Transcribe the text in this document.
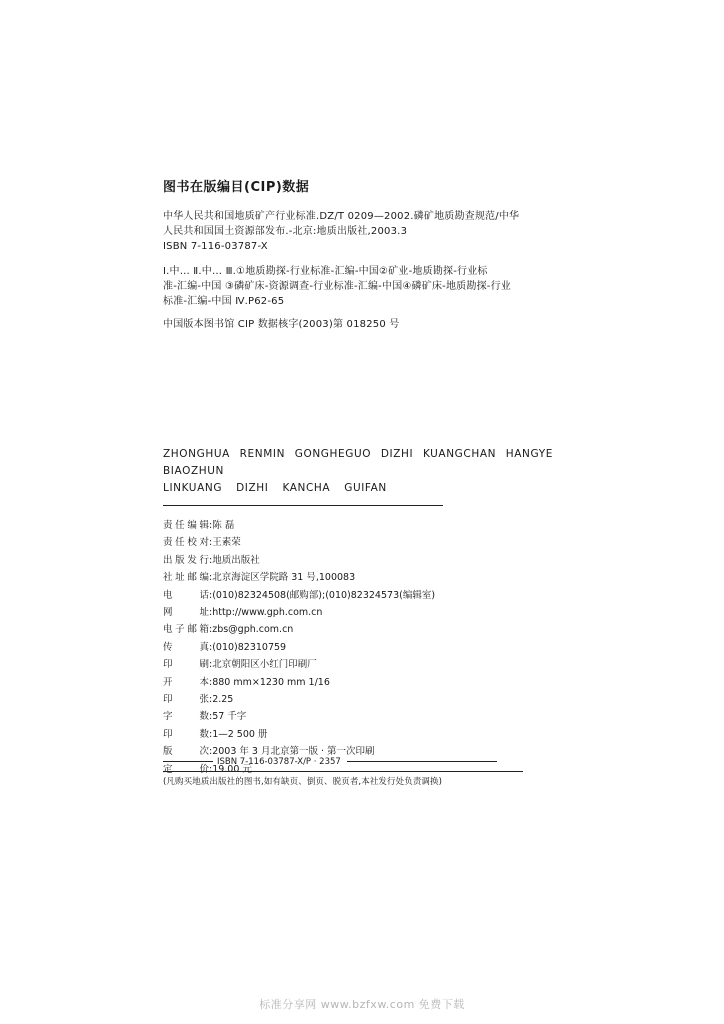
图书在版编目(CIP)数据
中华人民共和国地质矿产行业标准.DZ/T 0209—2002.磷矿地质勘查规范/中华
人民共和国国土资源部发布.-北京:地质出版社,2003.3
ISBN 7-116-03787-X
Ⅰ.中… Ⅱ.中… Ⅲ.①地质勘探-行业标准-汇编-中国②矿业-地质勘探-行业标
准-汇编-中国 ③磷矿床-资源调查-行业标准-汇编-中国④磷矿床-地质勘探-行业
标准-汇编-中国 Ⅳ.P62-65
中国版本图书馆 CIP 数据核字(2003)第 018250 号
ZHONGHUA RENMIN GONGHEGUO DIZHI KUANGCHAN HANGYE
BIAOZHUN
LINKUANG DIZHI KANCHA GUIFAN
责任编辑 : 陈 磊
责任校对 : 王素荣
出版发行 : 地质出版社
社址邮编 : 北京海淀区学院路 31 号,100083
电 话 : (010)82324508(邮购部);(010)82324573(编辑室)
网 址 : http://www.gph.com.cn
电子邮箱 : zbs@gph.com.cn
传 真 : (010)82310759
印 刷 : 北京朝阳区小红门印刷厂
开 本 : 880 mm×1230 mm 1/16
印 张 : 2.25
字 数 : 57 千字
印 数 : 1—2 500 册
版 次 : 2003 年 3 月北京第一版 · 第一次印刷
定 价 : 19.00 元
ISBN 7-116-03787-X/P · 2357
(凡购买地质出版社的图书,如有缺页、倒页、脱页者,本社发行处负责调换)
标准分享网 www.bzfxw.com 免费下载
